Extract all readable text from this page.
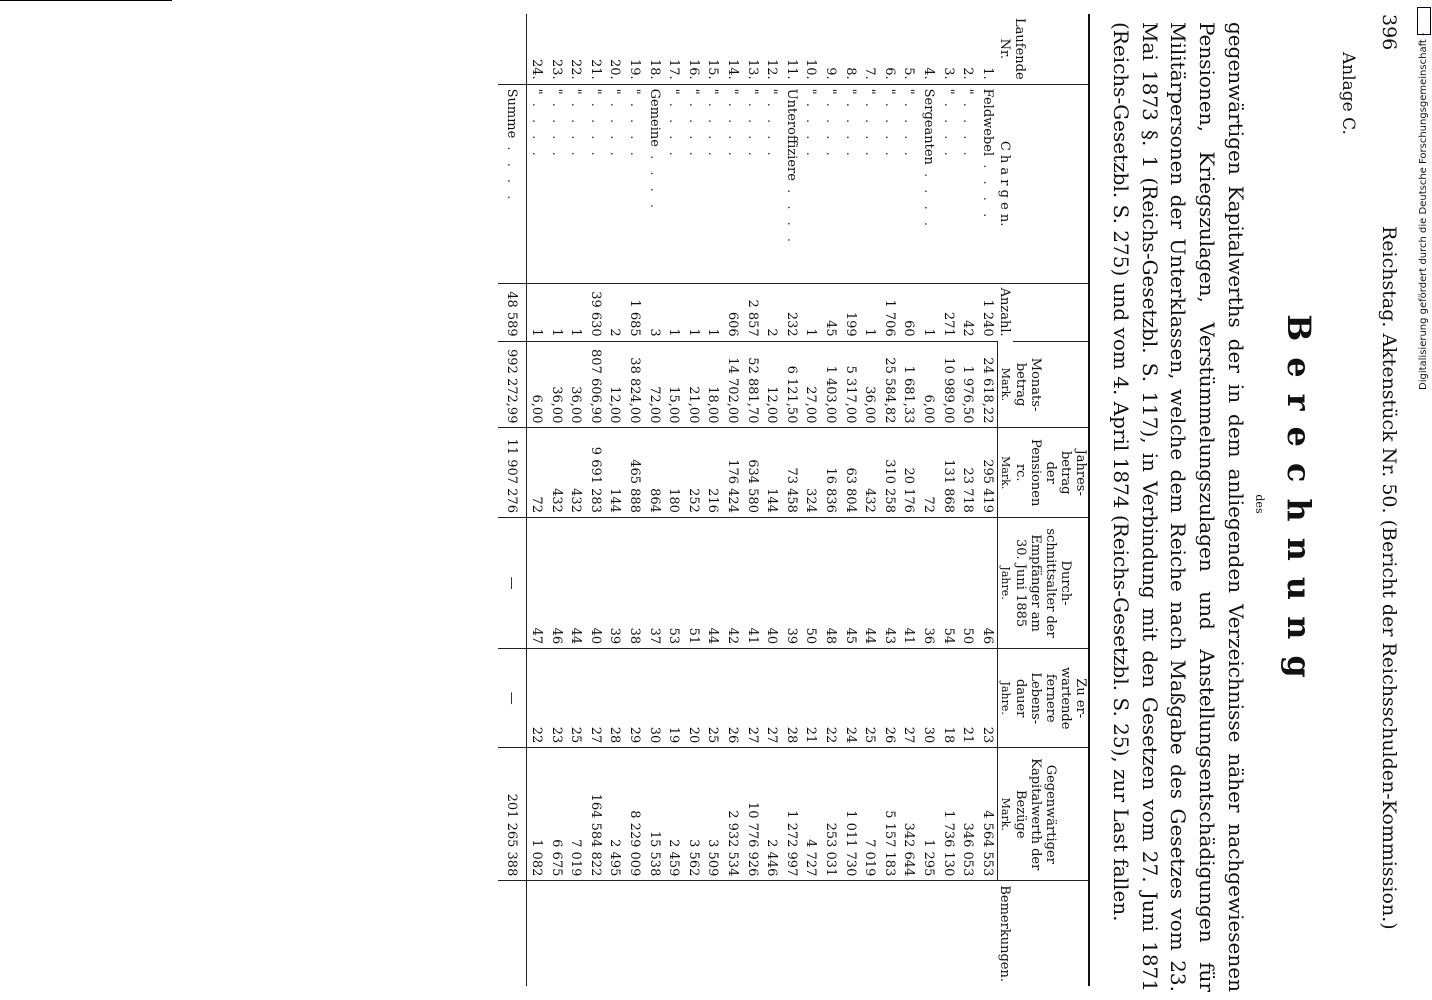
396
Reichstag. Aktenstück Nr. 50. (Bericht der Reichsschulden-Kommission.)
Anlage C.
Berechnung
des
gegenwärtigen Kapitalwerths der in dem anliegenden Verzeichnisse näher nachgewiesenen Pensionen, Kriegszulagen, Verstümmelungszulagen und Anstellungsentschädigungen für Militärpersonen der Unterklassen, welche dem Reiche nach Maßgabe des Gesetzes vom 23. Mai 1873 §. 1 (Reichs-Gesetzbl. S. 117), in Verbindung mit den Gesetzen vom 27. Juni 1871 (Reichs-Gesetzbl. S. 275) und vom 4. April 1874 (Reichs-Gesetzbl. S. 25), zur Last fallen.
Laufende Nr.	C h a r g e n.	Anzahl.	Monats-betrag	Jahres-betrag
der Pensionen rc.	Durch-schnittsalter der Empfänger am 30. Juni 1885	Zu er-wartende fernere Lebens-dauer	Gegenwärtiger Kapitalwerth der Bezüge	Bemerkungen.
			Mark.	Mark.	Jahre.	Jahre.	Mark.	
1.	Feldwebel . . . .	1 240	24 618,22	295 419	46	23	4 564 553	
2.	" . . . .	42	1 976,50	23 718	50	21	346 053	
3.	" . . . .	271	10 989,00	131 868	54	18	1 736 130	
4.	Sergeanten . . . .	1	6,00	72	36	30	1 295	
5.	" . . . .	60	1 681,33	20 176	41	27	342 644	
6.	" . . . .	1 706	25 584,82	310 258	43	26	5 157 183	
7.	" . . . .	1	36,00	432	44	25	7 019	
8.	" . . . .	199	5 317,00	63 804	45	24	1 011 730	
9.	" . . . .	45	1 403,00	16 836	48	22	253 031	
10.	" . . . .	1	27,00	324	50	21	4 727	
11.	Unteroffiziere . . . .	232	6 121,50	73 458	39	28	1 272 997	
12.	" . . . .	2	12,00	144	40	27	2 446	
13.	" . . . .	2 857	52 881,70	634 580	41	27	10 776 926	
14.	" . . . .	606	14 702,00	176 424	42	26	2 932 534	
15.	" . . . .	1	18,00	216	44	25	3 509	
16.	" . . . .	1	21,00	252	51	20	3 562	
17.	" . . . .	1	15,00	180	53	19	2 459	
18.	Gemeine . . . .	3	72,00	864	37	30	15 538	
19.	" . . . .	1 685	38 824,00	465 888	38	29	8 229 009	
20.	" . . . .	2	12,00	144	39	28	2 495	
21.	" . . . .	39 630	807 606,90	9 691 283	40	27	164 584 822	
22.	" . . . .	1	36,00	432	44	25	7 019	
23.	" . . . .	1	36,00	432	46	23	6 675	
24.	" . . . .	1	6,00	72	47	22	1 082	
	Summe . . . .	48 589	992 272,99	11 907 276	—	—	201 265 388	
Digitalisierung gefördert durch die Deutsche Forschungsgemeinschaft -
